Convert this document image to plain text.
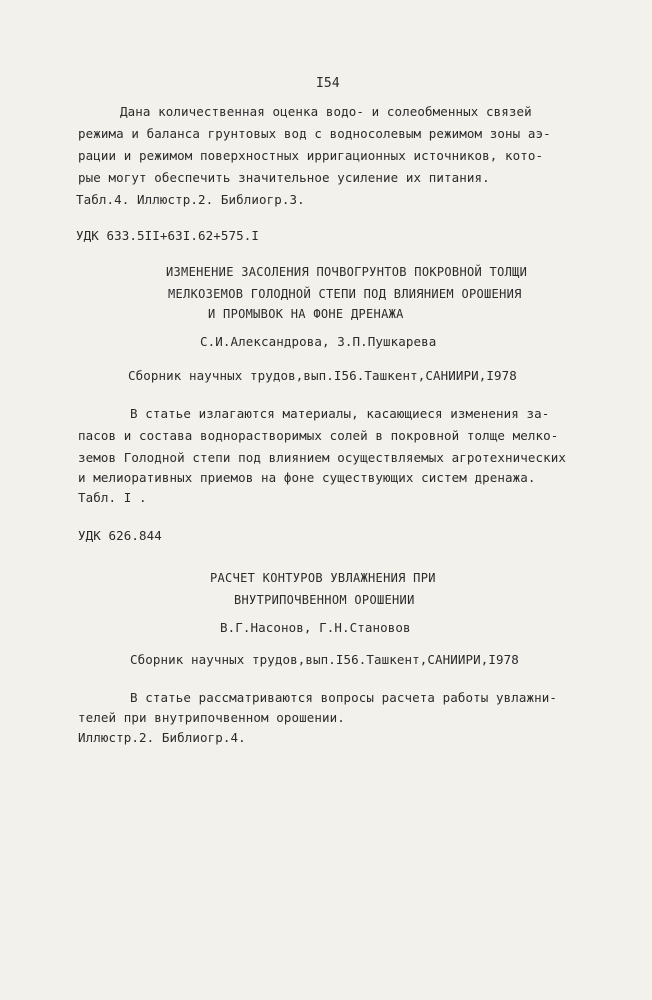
I54
Дана количественная оценка водо- и солеобменных связей
режима и баланса грунтовых вод с водносолевым режимом зоны аэ-
рации и режимом поверхностных ирригационных источников, кото-
рые могут обеспечить значительное усиление их питания.
Табл.4. Иллюстр.2. Библиогр.3.
УДК 633.5II+63I.62+575.I
ИЗМЕНЕНИЕ ЗАСОЛЕНИЯ ПОЧВОГРУНТОВ ПОКРОВНОЙ ТОЛЩИ
МЕЛКОЗЕМОВ ГОЛОДНОЙ СТЕПИ ПОД ВЛИЯНИЕМ ОРОШЕНИЯ
И ПРОМЫВОК НА ФОНЕ ДРЕНАЖА
С.И.Александрова, З.П.Пушкарева
Сборник научных трудов,вып.I56.Ташкент,САНИИРИ,I978
В статье излагаются материалы, касающиеся изменения за-
пасов и состава воднорастворимых солей в покровной толще мелко-
земов Голодной степи под влиянием осуществляемых агротехнических
и мелиоративных приемов на фоне существующих систем дренажа.
Табл. I .
УДК 626.844
РАСЧЕТ КОНТУРОВ УВЛАЖНЕНИЯ ПРИ
ВНУТРИПОЧВЕННОМ ОРОШЕНИИ
В.Г.Насонов, Г.Н.Становов
Сборник научных трудов,вып.I56.Ташкент,САНИИРИ,I978
В статье рассматриваются вопросы расчета работы увлажни-
телей при внутрипочвенном орошении.
Иллюстр.2. Библиогр.4.
